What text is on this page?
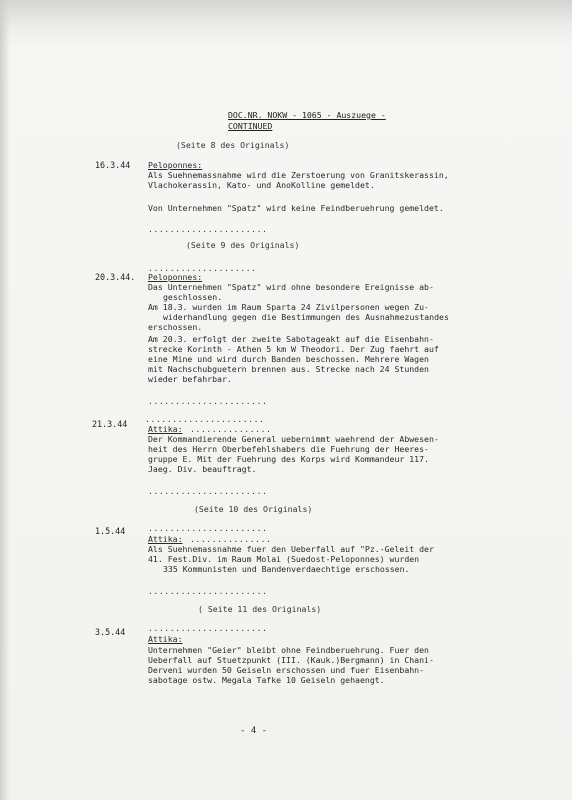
DOC.NR. NOKW - 1065 - Auszuege -
CONTINUED
(Seite 8 des Originals)
16.3.44 Peloponnes:
Als Suehnemassnahme wird die Zerstoerung von Granitskerassin,
Vlachokerassin, Kato- und AnoKolline gemeldet.
Von Unternehmen "Spatz" wird keine Feindberuehrung gemeldet.
......................
(Seite 9 des Originals)
....................
20.3.44. Peloponnes:
Das Unternehmen "Spatz" wird ohne besondere Ereignisse ab-
geschlossen.
Am 18.3. wurden im Raum Sparta 24 Zivilpersonen wegen Zu-
widerhandlung gegen die Bestimmungen des Ausnahmezustandes
erschossen.
Am 20.3. erfolgt der zweite Sabotageakt auf die Eisenbahn-
strecke Korinth - Athen 5 km W Theodori. Der Zug faehrt auf
eine Mine und wird durch Banden beschossen. Mehrere Wagen
mit Nachschubguetern brennen aus. Strecke nach 24 Stunden
wieder befahrbar.
......................
......................
21.3.44	Attika: ...............
Der Kommandierende General uebernimmt waehrend der Abwesen-
heit des Herrn Oberbefehlshabers die Fuehrung der Heeres-
gruppe E. Mit der Fuehrung des Korps wird Kommandeur 117.
Jaeg. Div. beauftragt.
......................
(Seite 10 des Originals)
......................
1.5.44
Attika: ...............
Als Suehnemassnahme fuer den Ueberfall auf "Pz.-Geleit der
41. Fest.Div. im Raum Molai (Suedost-Peloponnes) wurden
335 Kommunisten und Bandenverdaechtige erschossen.
......................
( Seite 11 des Originals)
......................
3.5.44
Attika:
Unternehmen "Geier" bleibt ohne Feindberuehrung. Fuer den
Ueberfall auf Stuetzpunkt (III. (Kauk.)Bergmann) in Chani-
Derveni wurden 50 Geiseln erschossen und fuer Eisenbahn-
sabotage ostw. Megala Tafke 10 Geiseln gehaengt.
- 4 -
